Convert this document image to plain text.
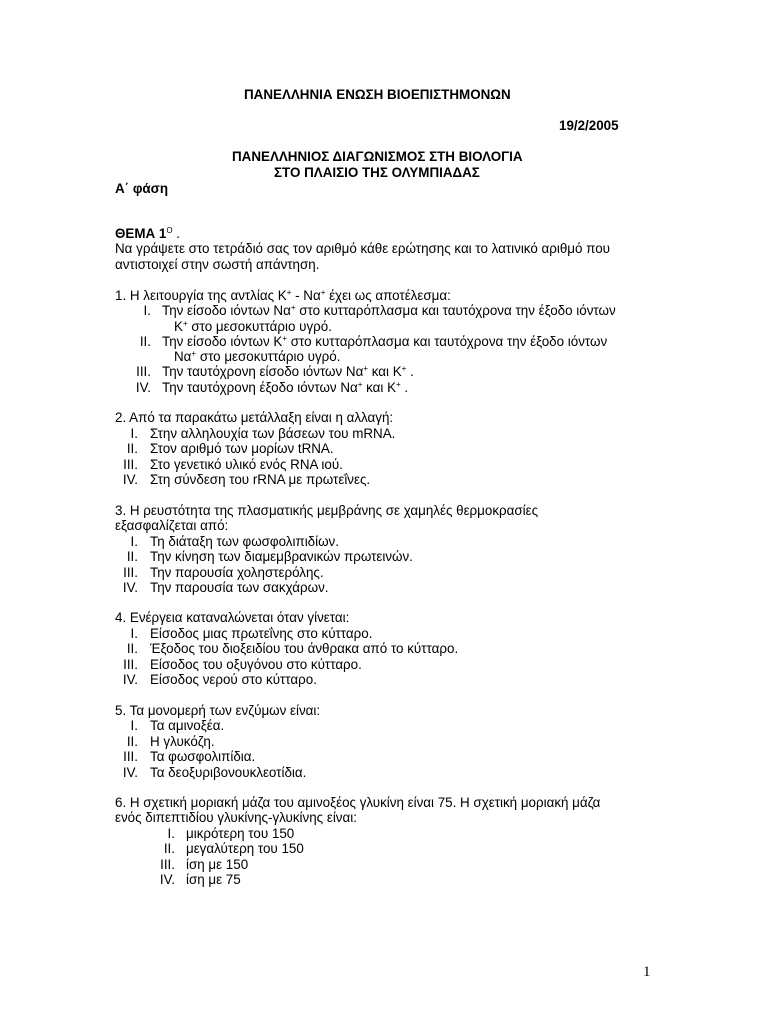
ΠΑΝΕΛΛΗΝΙΑ ΕΝΩΣΗ ΒΙΟΕΠΙΣΤΗΜΟΝΩΝ
19/2/2005
ΠΑΝΕΛΛΗΝΙΟΣ ΔΙΑΓΩΝΙΣΜΟΣ ΣΤΗ ΒΙΟΛΟΓΙΑ
ΣΤΟ ΠΛΑΙΣΙΟ ΤΗΣ ΟΛΥΜΠΙΑΔΑΣ
Α΄ φάση
ΘΕΜΑ $1^O$ .
Να γράψετε στο τετράδιό σας τον αριθμό κάθε ερώτησης και το λατινικό αριθμό που
αντιστοιχεί στην σωστή απάντηση.
1. Η λειτουργία της αντλίας K+ - Να+ έχει ως αποτέλεσμα:
I. Την είσοδο ιόντων Να+ στο κυτταρόπλασμα και ταυτόχρονα την έξοδο ιόντων
K+ στο μεσοκυττάριο υγρό.
II. Την είσοδο ιόντων K+ στο κυτταρόπλασμα και ταυτόχρονα την έξοδο ιόντων
Να+ στο μεσοκυττάριο υγρό.
III. Την ταυτόχρονη είσοδο ιόντων Να+ και K+ .
IV. Την ταυτόχρονη έξοδο ιόντων Να+ και K+ .
2. Από τα παρακάτω μετάλλαξη είναι η αλλαγή:
I. Στην αλληλουχία των βάσεων του mRNA.
II. Στον αριθμό των μορίων tRNA.
III. Στο γενετικό υλικό ενός RNA ιού.
IV. Στη σύνδεση του rRNA με πρωτεΐνες.
3. Η ρευστότητα της πλασματικής μεμβράνης σε χαμηλές θερμοκρασίες
εξασφαλίζεται από:
I. Τη διάταξη των φωσφολιπιδίων.
II. Την κίνηση των διαμεμβρανικών πρωτεινών.
III. Την παρουσία χοληστερόλης.
IV. Την παρουσία των σακχάρων.
4. Ενέργεια καταναλώνεται όταν γίνεται:
I. Είσοδος μιας πρωτεΐνης στο κύτταρο.
II. Έξοδος του διοξειδίου του άνθρακα από το κύτταρο.
III. Είσοδος του οξυγόνου στο κύτταρο.
IV. Είσοδος νερού στο κύτταρο.
5. Τα μονομερή των ενζύμων είναι:
I. Τα αμινοξέα.
II. Η γλυκόζη.
III. Τα φωσφολιπίδια.
IV. Τα δεοξυριβονουκλεοτίδια.
6. Η σχετική μοριακή μάζα του αμινοξέος γλυκίνη είναι 75. Η σχετική μοριακή μάζα
ενός διπεπτιδίου γλυκίνης-γλυκίνης είναι:
I. μικρότερη του 150
II. μεγαλύτερη του 150
III. ίση με 150
IV. ίση με 75
1
